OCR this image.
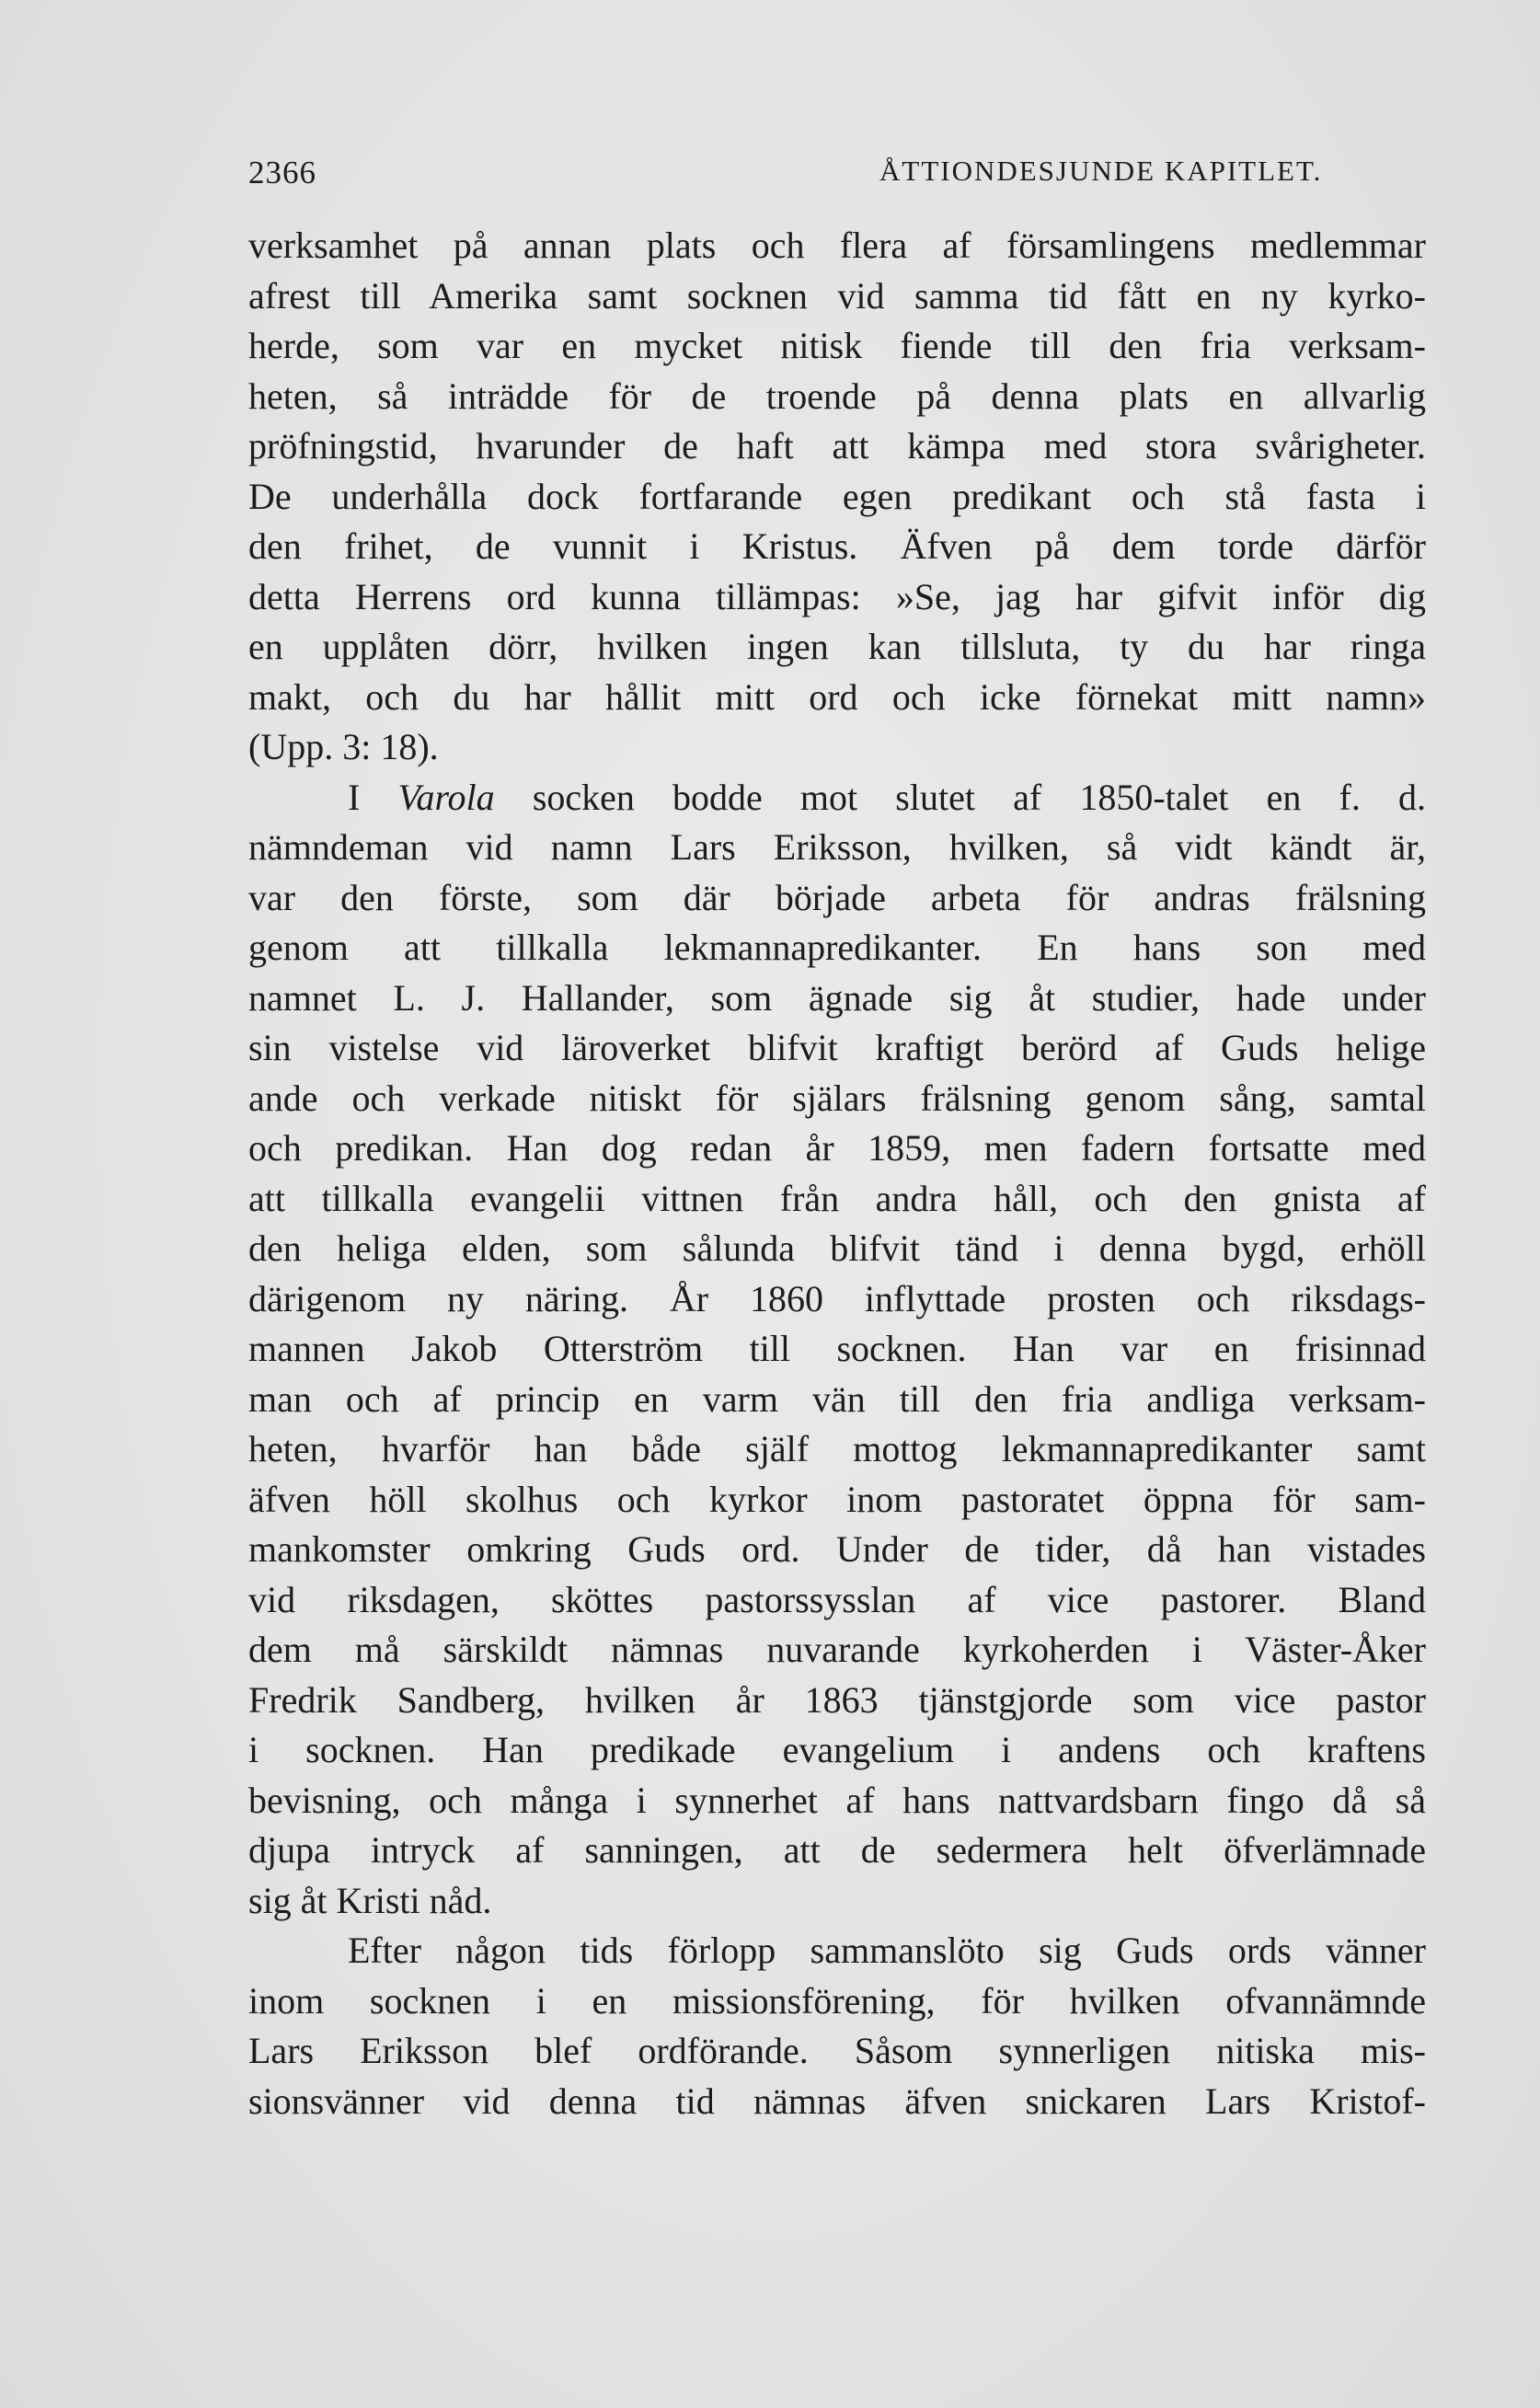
2366	ÅTTIONDESJUNDE KAPITLET.
verksamhet på annan plats och flera af församlingens medlemmar
afrest till Amerika samt socknen vid samma tid fått en ny kyrko-
herde, som var en mycket nitisk fiende till den fria verksam-
heten, så inträdde för de troende på denna plats en allvarlig
pröfningstid, hvarunder de haft att kämpa med stora svårigheter.
De underhålla dock fortfarande egen predikant och stå fasta i
den frihet, de vunnit i Kristus. Äfven på dem torde därför
detta Herrens ord kunna tillämpas: »Se, jag har gifvit inför dig
en upplåten dörr, hvilken ingen kan tillsluta, ty du har ringa
makt, och du har hållit mitt ord och icke förnekat mitt namn»
(Upp. 3: 18).
I Varola socken bodde mot slutet af 1850-talet en f. d.
nämndeman vid namn Lars Eriksson, hvilken, så vidt kändt är,
var den förste, som där började arbeta för andras frälsning
genom att tillkalla lekmannapredikanter. En hans son med
namnet L. J. Hallander, som ägnade sig åt studier, hade under
sin vistelse vid läroverket blifvit kraftigt berörd af Guds helige
ande och verkade nitiskt för själars frälsning genom sång, samtal
och predikan. Han dog redan år 1859, men fadern fortsatte med
att tillkalla evangelii vittnen från andra håll, och den gnista af
den heliga elden, som sålunda blifvit tänd i denna bygd, erhöll
därigenom ny näring. År 1860 inflyttade prosten och riksdags-
mannen Jakob Otterström till socknen. Han var en frisinnad
man och af princip en varm vän till den fria andliga verksam-
heten, hvarför han både själf mottog lekmannapredikanter samt
äfven höll skolhus och kyrkor inom pastoratet öppna för sam-
mankomster omkring Guds ord. Under de tider, då han vistades
vid riksdagen, sköttes pastorssysslan af vice pastorer. Bland
dem må särskildt nämnas nuvarande kyrkoherden i Väster-Åker
Fredrik Sandberg, hvilken år 1863 tjänstgjorde som vice pastor
i socknen. Han predikade evangelium i andens och kraftens
bevisning, och många i synnerhet af hans nattvardsbarn fingo då så
djupa intryck af sanningen, att de sedermera helt öfverlämnade
sig åt Kristi nåd.
Efter någon tids förlopp sammanslöto sig Guds ords vänner
inom socknen i en missionsförening, för hvilken ofvannämnde
Lars Eriksson blef ordförande. Såsom synnerligen nitiska mis-
sionsvänner vid denna tid nämnas äfven snickaren Lars Kristof-
